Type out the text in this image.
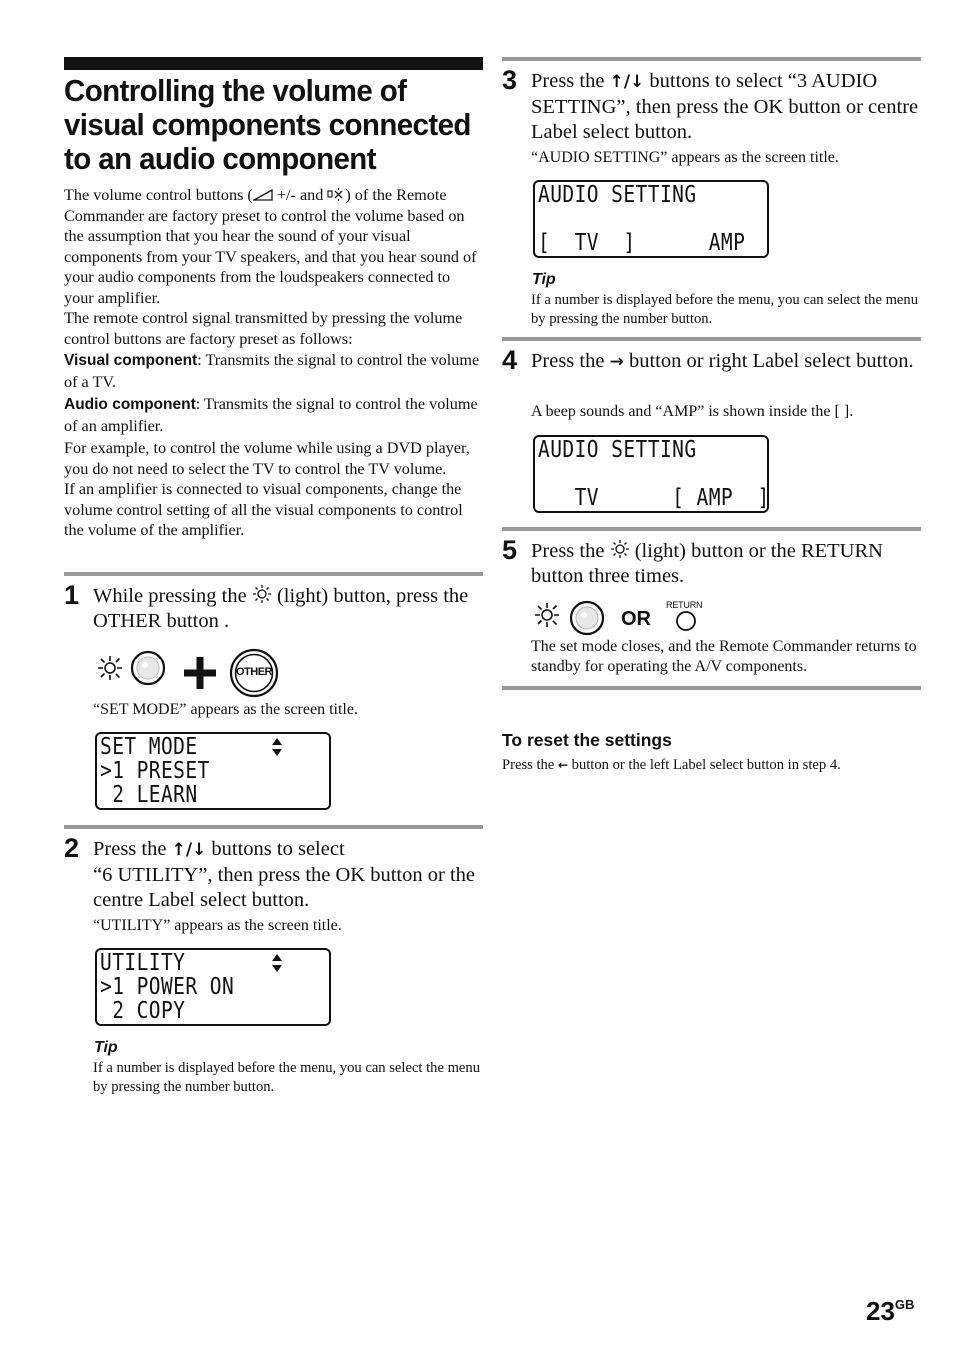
Controlling the volume of
visual components connected
to an audio component

The volume control buttons ( +/- and ) of the Remote Commander are factory preset to control the volume based on the assumption that you hear the sound of your visual components from your TV speakers, and that you hear sound of your audio components from the loudspeakers connected to your amplifier.

The remote control signal transmitted by pressing the volume control buttons are factory preset as follows:

Visual component: Transmits the signal to control the volume of a TV.

Audio component: Transmits the signal to control the volume of an amplifier.

For example, to control the volume while using a DVD player, you do not need to select the TV to control the TV volume.

If an amplifier is connected to visual components, change the volume control setting of all the visual components to control the volume of the amplifier.

1 While pressing the  (light) button, press the OTHER button .
OTHER
“SET MODE” appears as the screen title.
SET MODE
>1 PRESET
2 LEARN
2 Press the ↑/↓ buttons to select
“6 UTILITY”, then press the OK button or the centre Label select button.
“UTILITY” appears as the screen title.
UTILITY
>1 POWER ON
2 COPY
Tip
If a number is displayed before the menu, you can select the menu by pressing the number button.
3 Press the ↑/↓ buttons to select “3 AUDIO SETTING”, then press the OK button or centre Label select button.
“AUDIO SETTING” appears as the screen title.
AUDIO SETTING
[  TV  ]      AMP
Tip
If a number is displayed before the menu, you can select the menu by pressing the number button.
4 Press the → button or right Label select button.
A beep sounds and “AMP” is shown inside the [ ].
AUDIO SETTING
TV      [ AMP  ]
5 Press the  (light) button or the RETURN button three times.
OR
RETURN
The set mode closes, and the Remote Commander returns to standby for operating the A/V components.
To reset the settings
Press the ← button or the left Label select button in step 4.
$23^{GB}$
